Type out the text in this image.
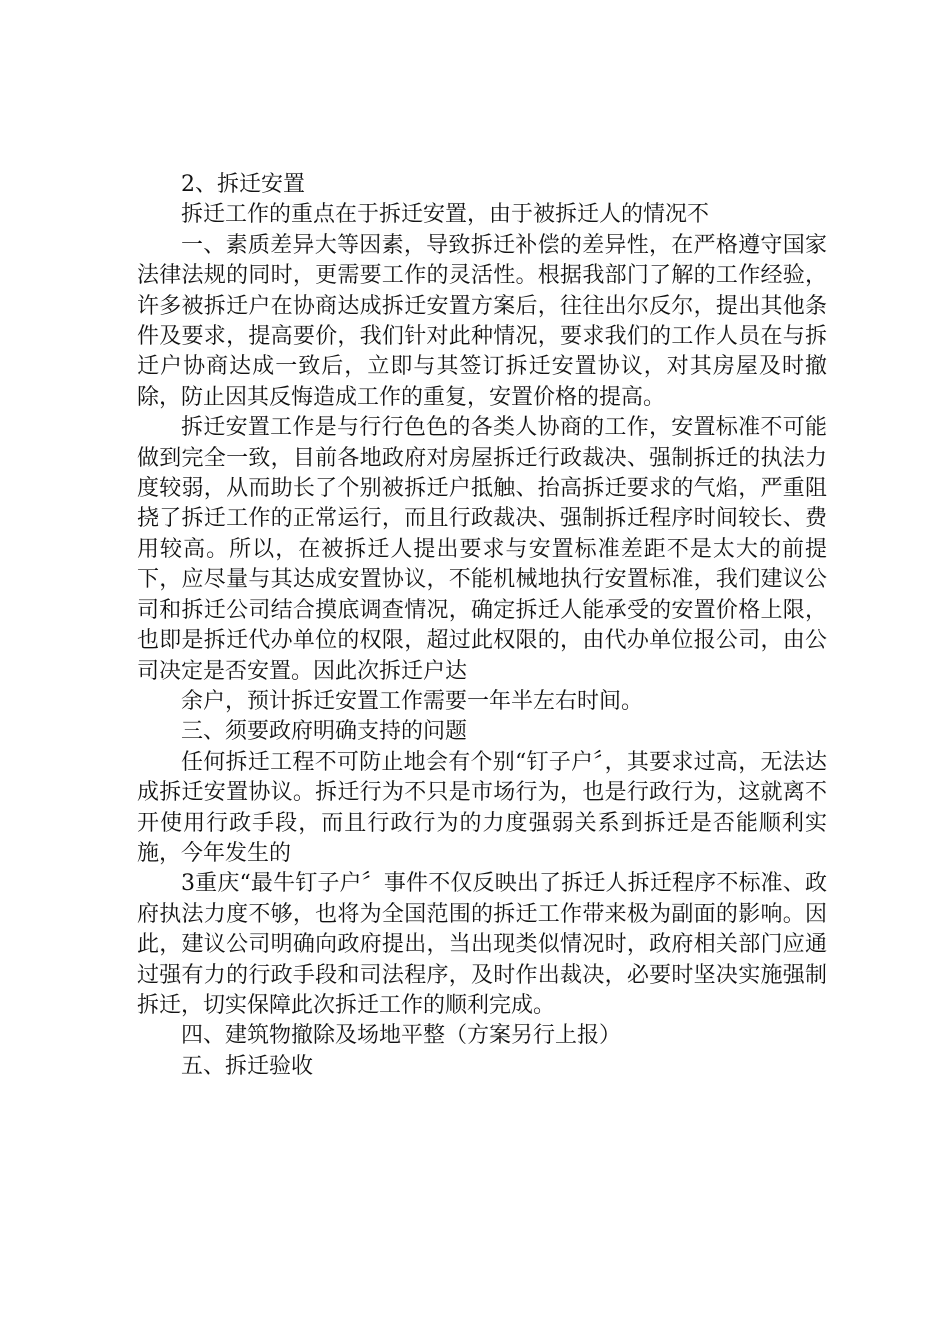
2、拆迁安置

拆迁工作的重点在于拆迁安置，由于被拆迁人的情况不

一、素质差异大等因素，导致拆迁补偿的差异性，在严格遵守国家法律法规的同时，更需要工作的灵活性。根据我部门了解的工作经验，许多被拆迁户在协商达成拆迁安置方案后，往往出尔反尔，提出其他条件及要求，提高要价，我们针对此种情况，要求我们的工作人员在与拆迁户协商达成一致后，立即与其签订拆迁安置协议，对其房屋及时撤除，防止因其反悔造成工作的重复，安置价格的提高。

拆迁安置工作是与行行色色的各类人协商的工作，安置标准不可能做到完全一致，目前各地政府对房屋拆迁行政裁决、强制拆迁的执法力度较弱，从而助长了个别被拆迁户抵触、抬高拆迁要求的气焰，严重阻挠了拆迁工作的正常运行，而且行政裁决、强制拆迁程序时间较长、费用较高。所以，在被拆迁人提出要求与安置标准差距不是太大的前提下，应尽量与其达成安置协议，不能机械地执行安置标准，我们建议公司和拆迁公司结合摸底调查情况，确定拆迁人能承受的安置价格上限，也即是拆迁代办单位的权限，超过此权限的，由代办单位报公司，由公司决定是否安置。因此次拆迁户达

余户，预计拆迁安置工作需要一年半左右时间。

三、须要政府明确支持的问题

任何拆迁工程不可防止地会有个别“钉子户〞，其要求过高，无法达成拆迁安置协议。拆迁行为不只是市场行为，也是行政行为，这就离不开使用行政手段，而且行政行为的力度强弱关系到拆迁是否能顺利实施，今年发生的

3重庆“最牛钉子户〞事件不仅反映出了拆迁人拆迁程序不标准、政府执法力度不够，也将为全国范围的拆迁工作带来极为副面的影响。因此，建议公司明确向政府提出，当出现类似情况时，政府相关部门应通过强有力的行政手段和司法程序，及时作出裁决，必要时坚决实施强制拆迁，切实保障此次拆迁工作的顺利完成。

四、建筑物撤除及场地平整（方案另行上报）

五、拆迁验收
